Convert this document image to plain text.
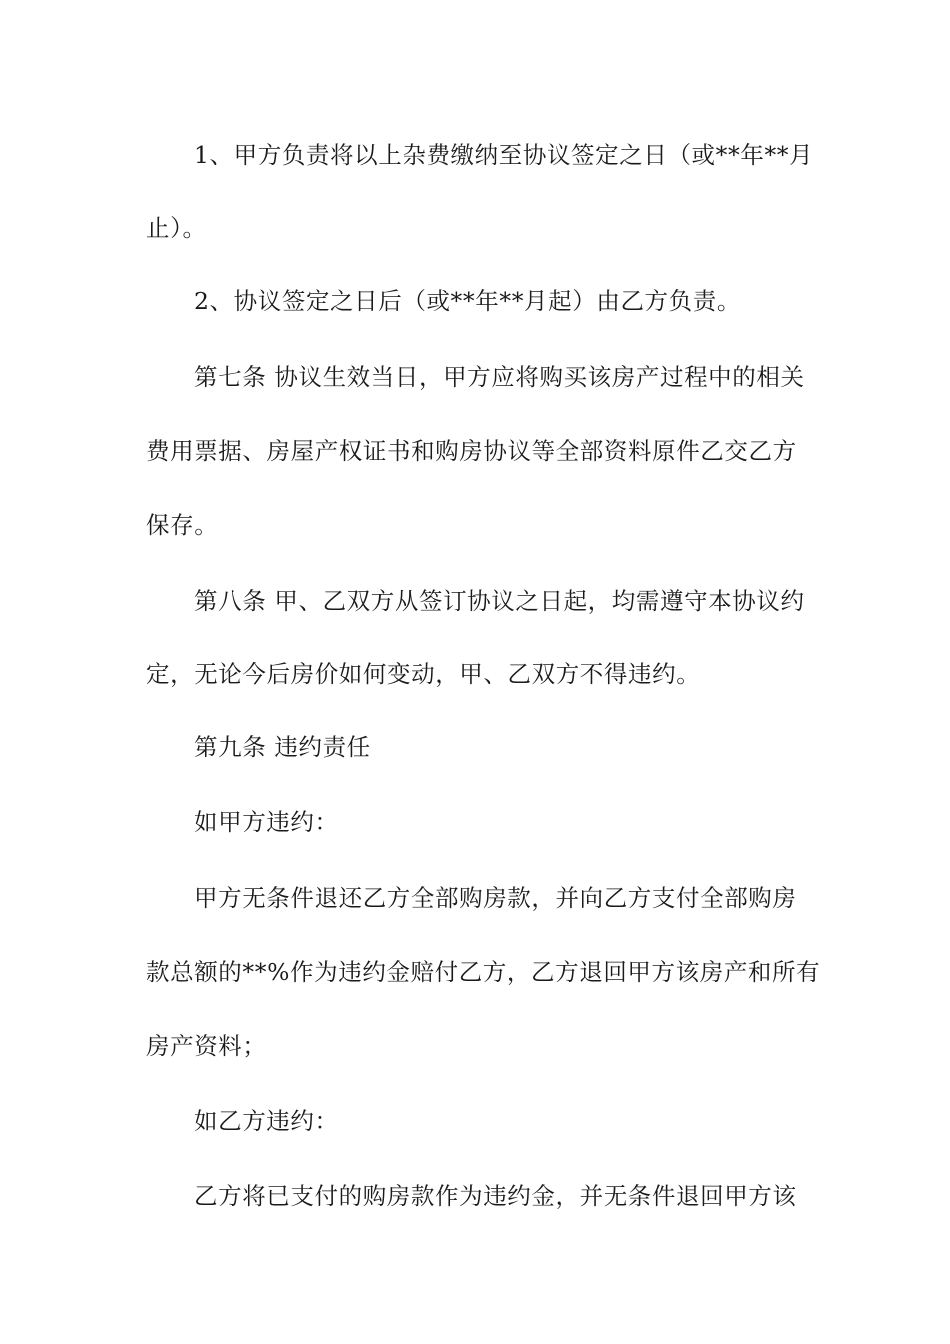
1、甲方负责将以上杂费缴纳至协议签定之日（或**年**月
止）。
2、协议签定之日后（或**年**月起）由乙方负责。
第七条 协议生效当日，甲方应将购买该房产过程中的相关
费用票据、房屋产权证书和购房协议等全部资料原件乙交乙方
保存。
第八条 甲、乙双方从签订协议之日起，均需遵守本协议约
定，无论今后房价如何变动，甲、乙双方不得违约。
第九条 违约责任
如甲方违约：
甲方无条件退还乙方全部购房款，并向乙方支付全部购房
款总额的**%作为违约金赔付乙方，乙方退回甲方该房产和所有
房产资料；
如乙方违约：
乙方将已支付的购房款作为违约金，并无条件退回甲方该
